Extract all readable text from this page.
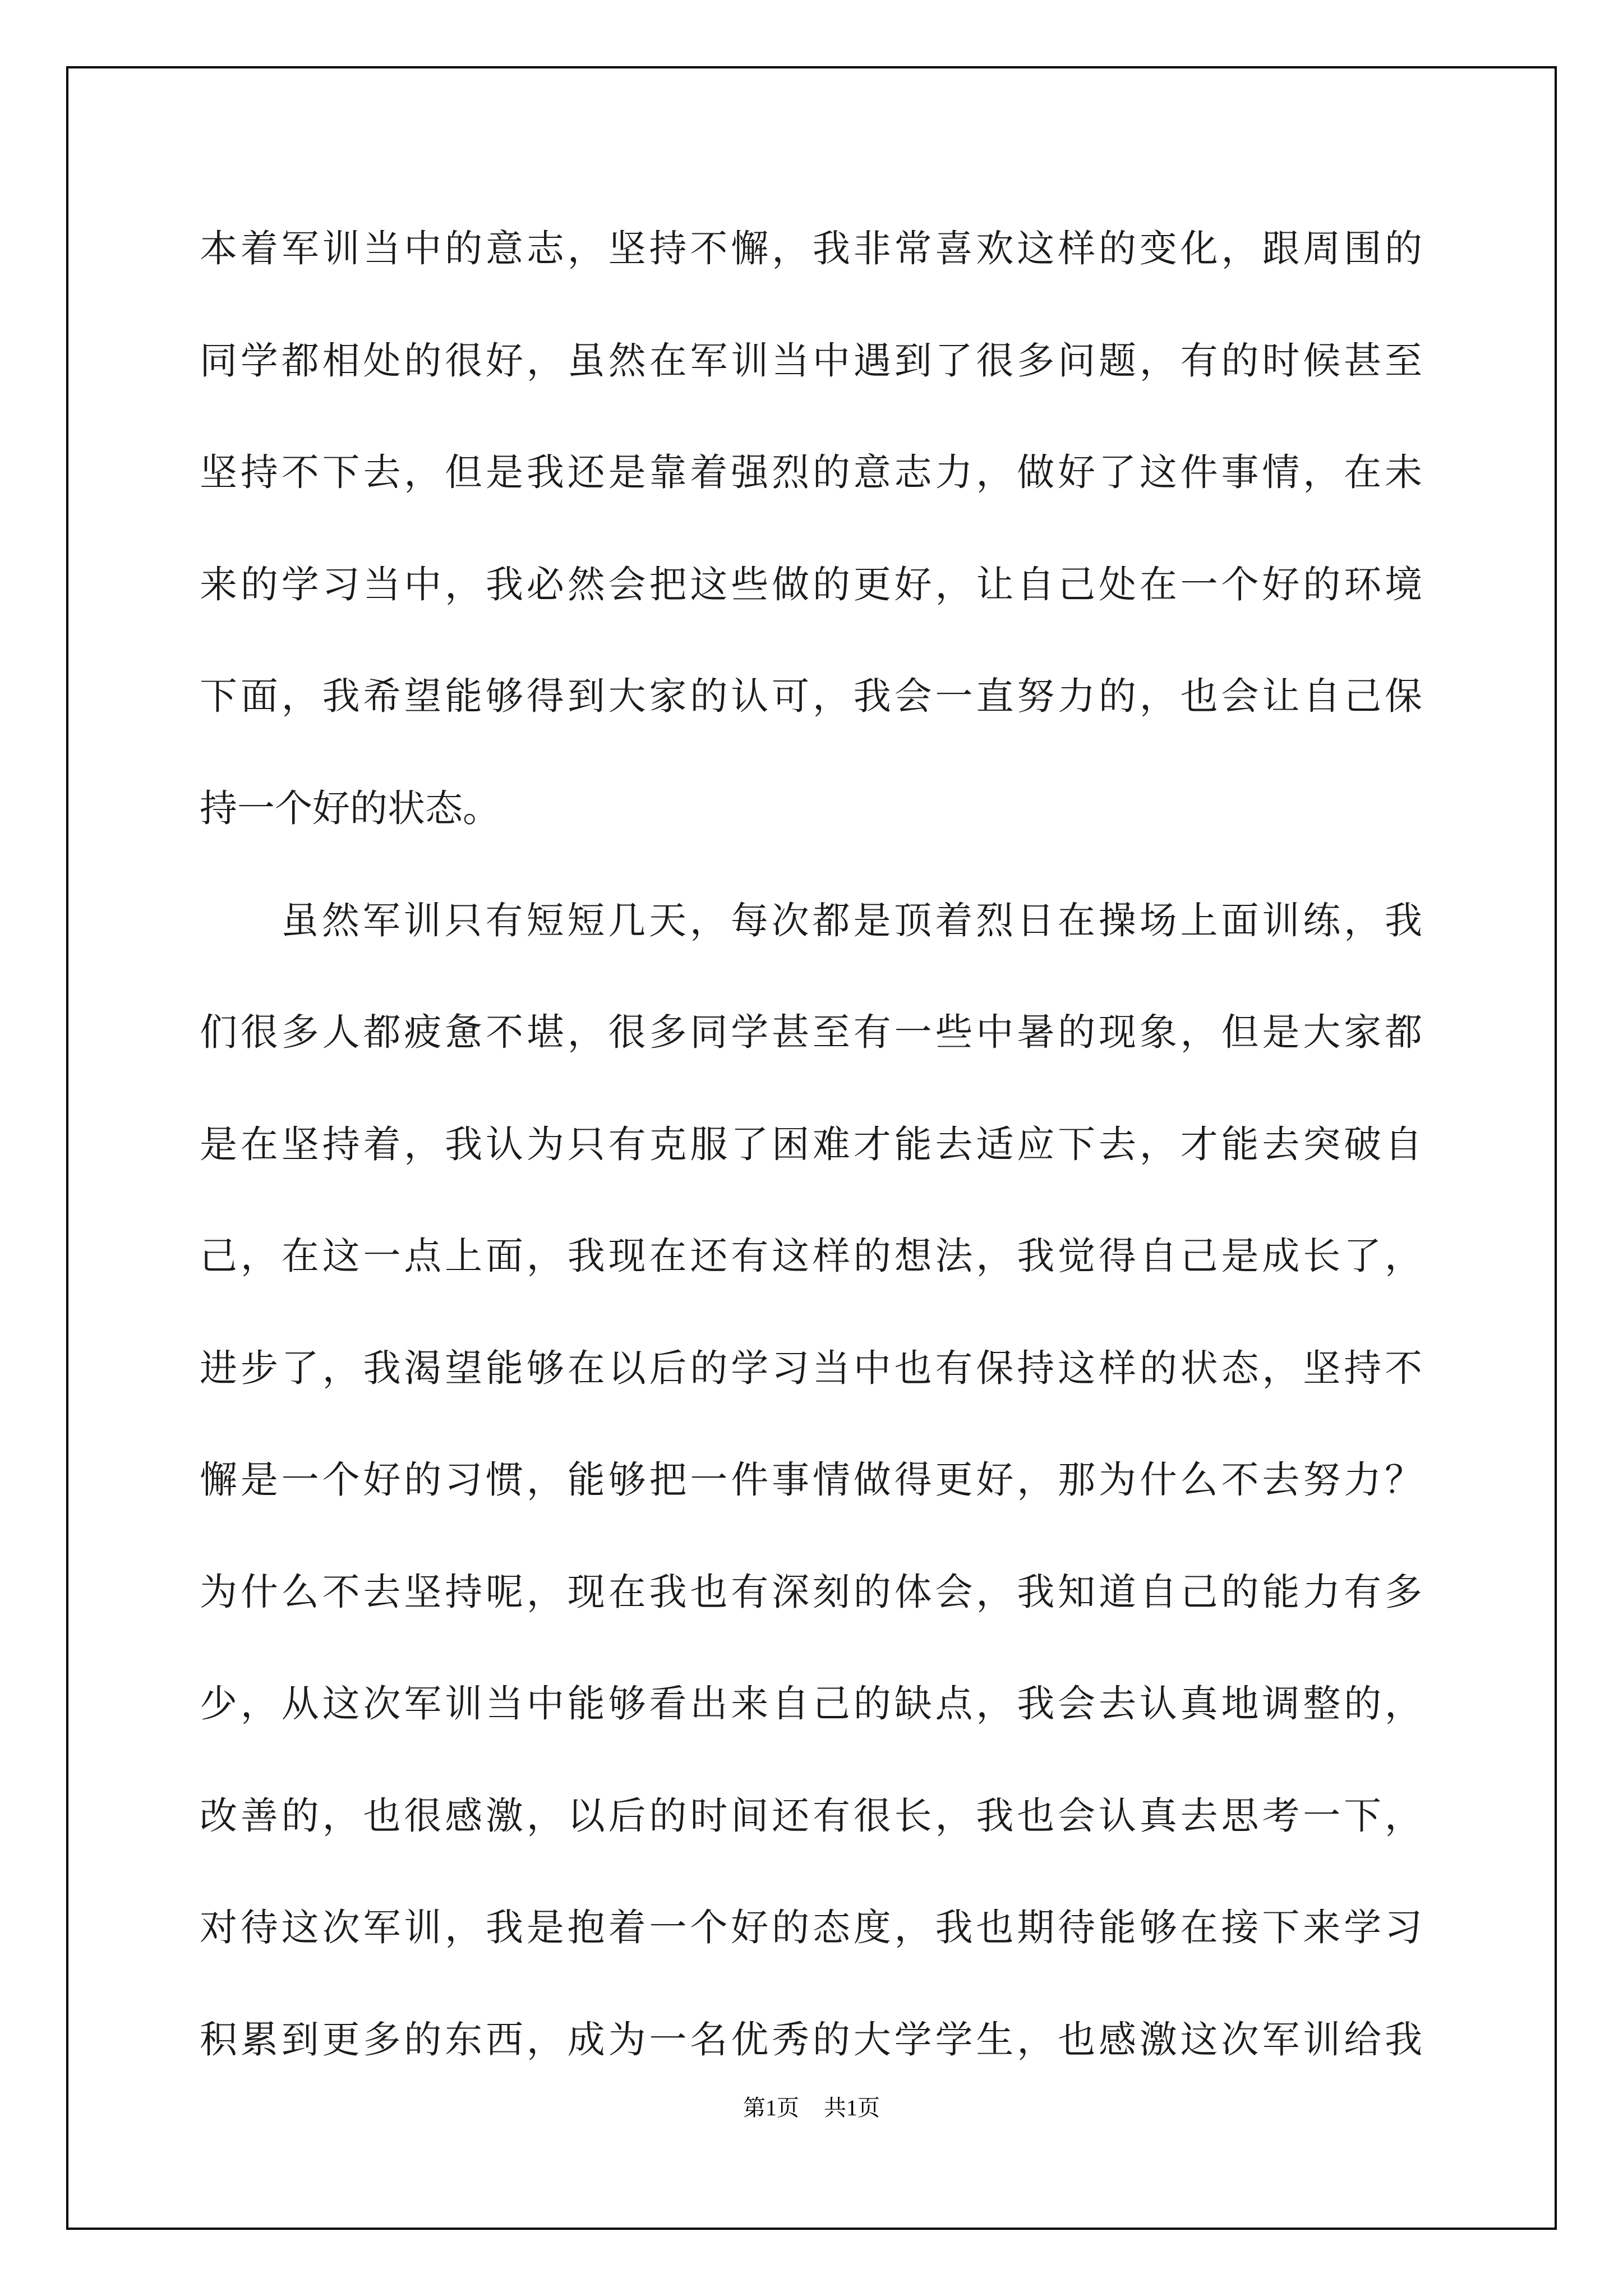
本着军训当中的意志，坚持不懈，我非常喜欢这样的变化，跟周围的
同学都相处的很好，虽然在军训当中遇到了很多问题，有的时候甚至
坚持不下去，但是我还是靠着强烈的意志力，做好了这件事情，在未
来的学习当中，我必然会把这些做的更好，让自己处在一个好的环境
下面，我希望能够得到大家的认可，我会一直努力的，也会让自己保
持一个好的状态。
虽然军训只有短短几天，每次都是顶着烈日在操场上面训练，我
们很多人都疲惫不堪，很多同学甚至有一些中暑的现象，但是大家都
是在坚持着，我认为只有克服了困难才能去适应下去，才能去突破自
己，在这一点上面，我现在还有这样的想法，我觉得自己是成长了，
进步了，我渴望能够在以后的学习当中也有保持这样的状态，坚持不
懈是一个好的习惯，能够把一件事情做得更好，那为什么不去努力？
为什么不去坚持呢，现在我也有深刻的体会，我知道自己的能力有多
少，从这次军训当中能够看出来自己的缺点，我会去认真地调整的，
改善的，也很感激，以后的时间还有很长，我也会认真去思考一下，
对待这次军训，我是抱着一个好的态度，我也期待能够在接下来学习
积累到更多的东西，成为一名优秀的大学学生，也感激这次军训给我
第1页 共1页
